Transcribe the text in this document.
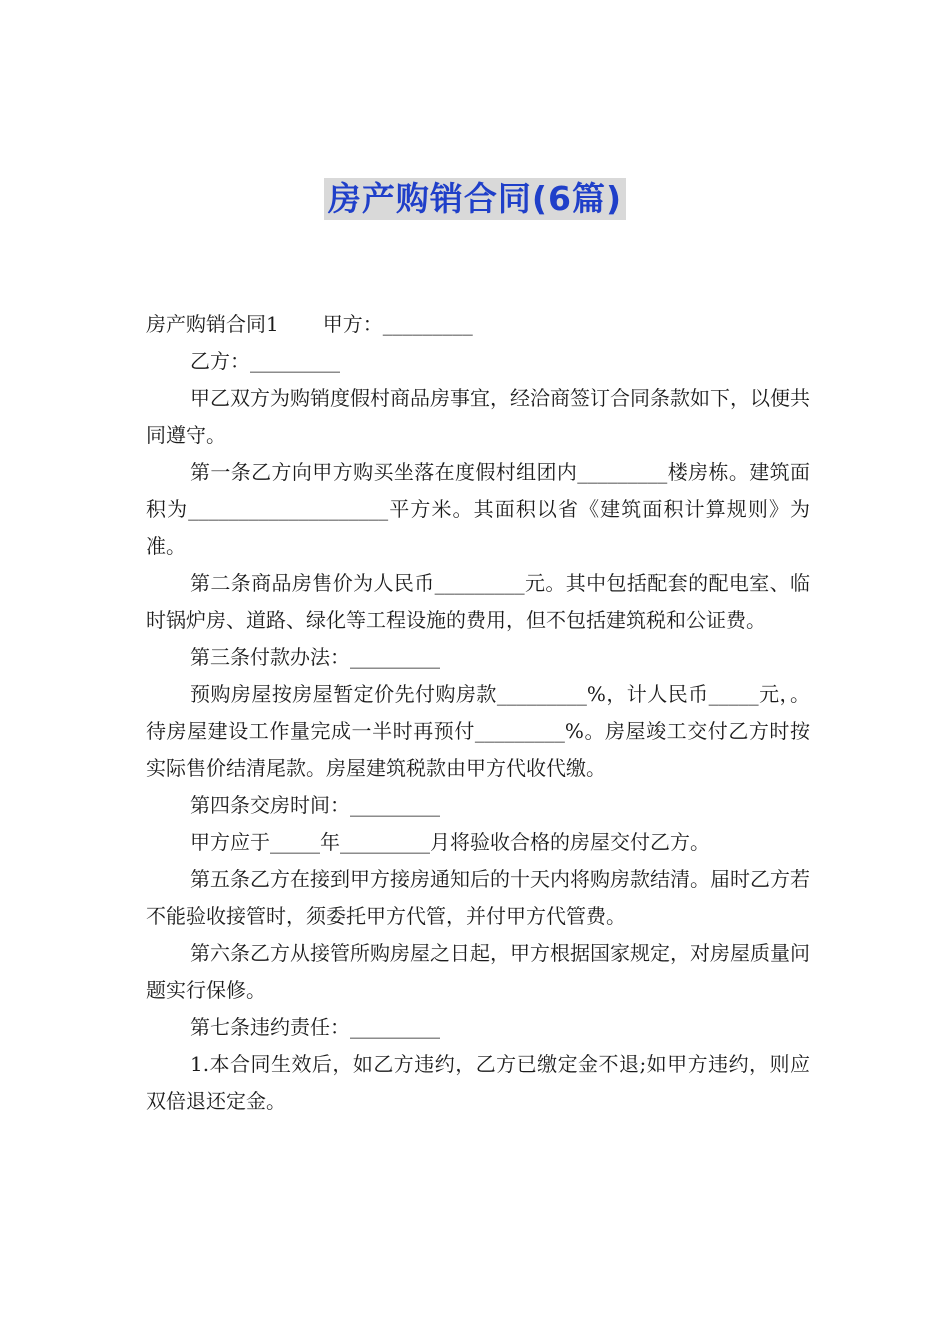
房产购销合同(6篇)
房产购销合同1 甲方：_________

乙方：_________

甲乙双方为购销度假村商品房事宜，经洽商签订合同条款如下，以便共同遵守。

第一条乙方向甲方购买坐落在度假村组团内_________楼房栋。建筑面积为____________________平方米。其面积以省《建筑面积计算规则》为准。

第二条商品房售价为人民币_________元。其中包括配套的配电室、临时锅炉房、道路、绿化等工程设施的费用，但不包括建筑税和公证费。

第三条付款办法：_________

预购房屋按房屋暂定价先付购房款_________%，计人民币_____元，。待房屋建设工作量完成一半时再预付_________%。房屋竣工交付乙方时按实际售价结清尾款。房屋建筑税款由甲方代收代缴。

第四条交房时间：_________

甲方应于_____年_________月将验收合格的房屋交付乙方。

第五条乙方在接到甲方接房通知后的十天内将购房款结清。届时乙方若不能验收接管时，须委托甲方代管，并付甲方代管费。

第六条乙方从接管所购房屋之日起，甲方根据国家规定，对房屋质量问题实行保修。

第七条违约责任：_________

1.本合同生效后，如乙方违约，乙方已缴定金不退;如甲方违约，则应双倍退还定金。
